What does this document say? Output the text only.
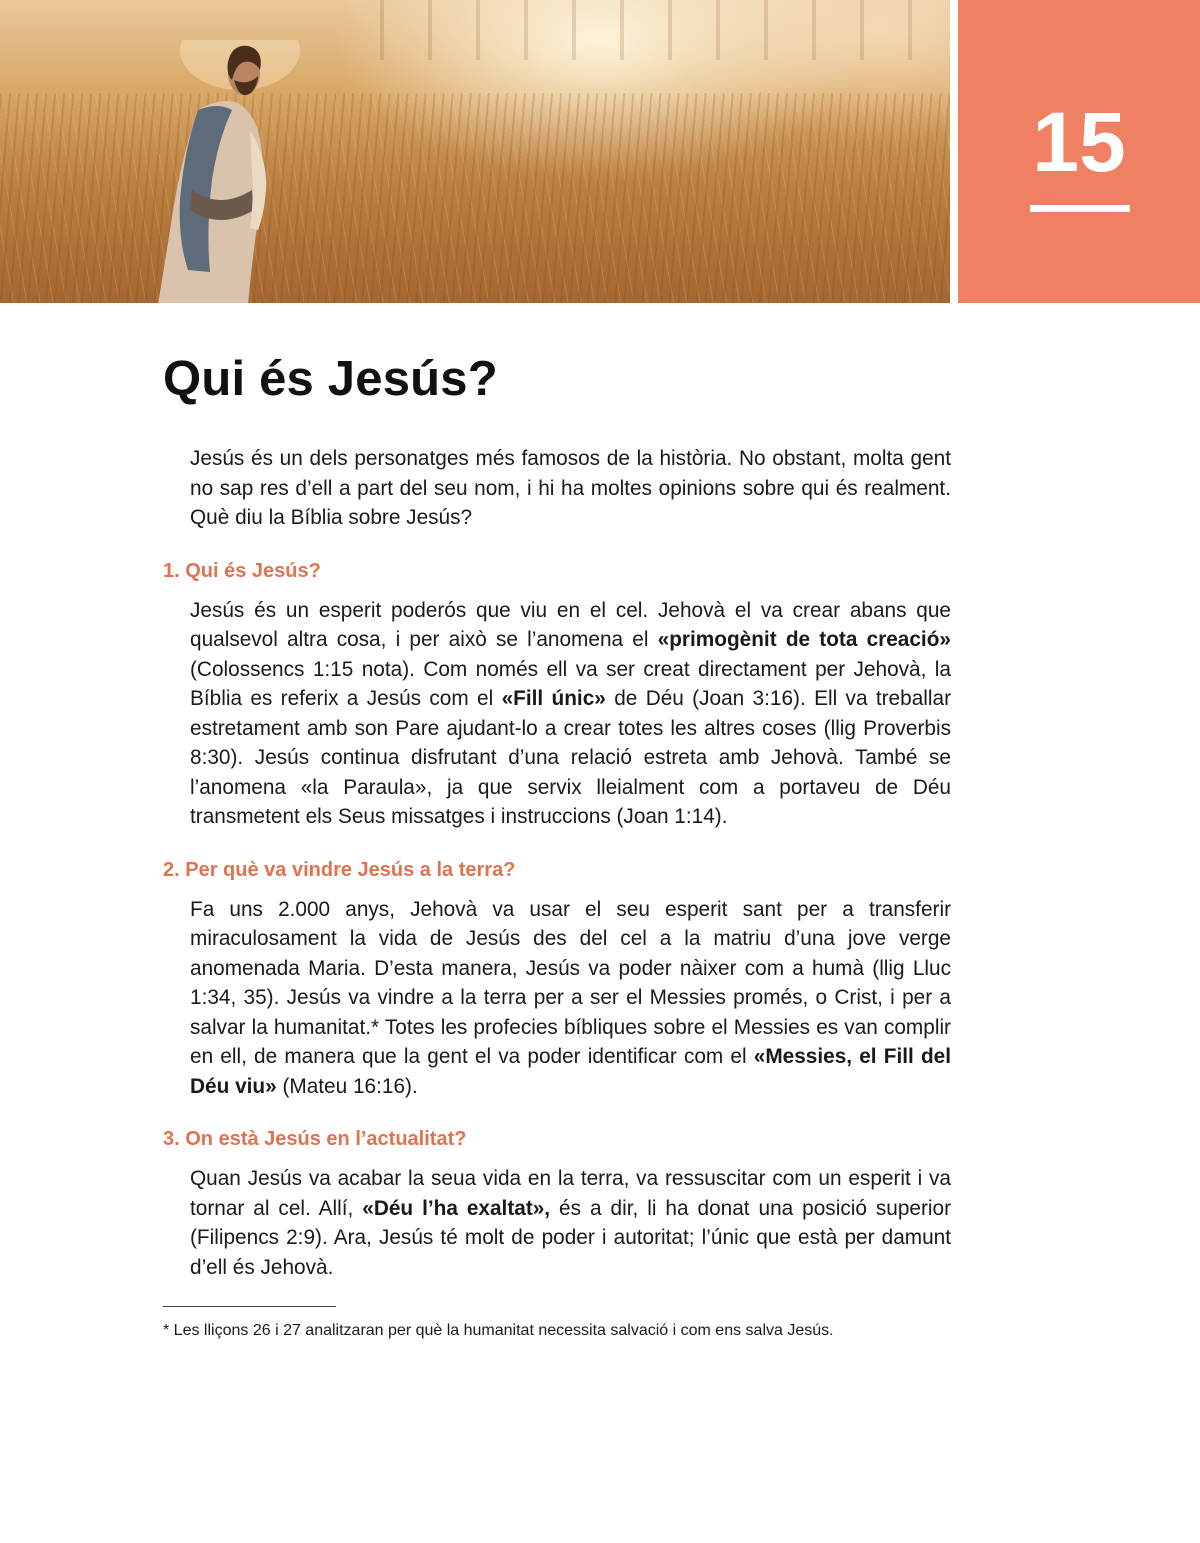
15
Qui és Jesús?

Jesús és un dels personatges més famosos de la història. No obstant, molta gent no sap res d’ell a part del seu nom, i hi ha moltes opinions sobre qui és realment. Què diu la Bíblia sobre Jesús?

1. Qui és Jesús?

Jesús és un esperit poderós que viu en el cel. Jehovà el va crear abans que qualsevol altra cosa, i per això se l’anomena el «primogènit de tota creació» (Colossencs 1:15 nota). Com només ell va ser creat directament per Jehovà, la Bíblia es referix a Jesús com el «Fill únic» de Déu (Joan 3:16). Ell va treballar estretament amb son Pare ajudant-lo a crear totes les altres coses (llig Proverbis 8:30). Jesús continua disfrutant d’una relació estreta amb Jehovà. També se l’anomena «la Paraula», ja que servix lleialment com a portaveu de Déu transmetent els Seus missatges i instruccions (Joan 1:14).

2. Per què va vindre Jesús a la terra?

Fa uns 2.000 anys, Jehovà va usar el seu esperit sant per a transferir miraculosament la vida de Jesús des del cel a la matriu d’una jove verge anomenada Maria. D’esta manera, Jesús va poder nàixer com a humà (llig Lluc 1:34, 35). Jesús va vindre a la terra per a ser el Messies promés, o Crist, i per a salvar la humanitat.* Totes les profecies bíbliques sobre el Messies es van complir en ell, de manera que la gent el va poder identificar com el «Messies, el Fill del Déu viu» (Mateu 16:16).

3. On està Jesús en l’actualitat?

Quan Jesús va acabar la seua vida en la terra, va ressuscitar com un esperit i va tornar al cel. Allí, «Déu l’ha exaltat», és a dir, li ha donat una posició superior (Filipencs 2:9). Ara, Jesús té molt de poder i autoritat; l’únic que està per damunt d’ell és Jehovà.

* Les lliçons 26 i 27 analitzaran per què la humanitat necessita salvació i com ens salva Jesús.
